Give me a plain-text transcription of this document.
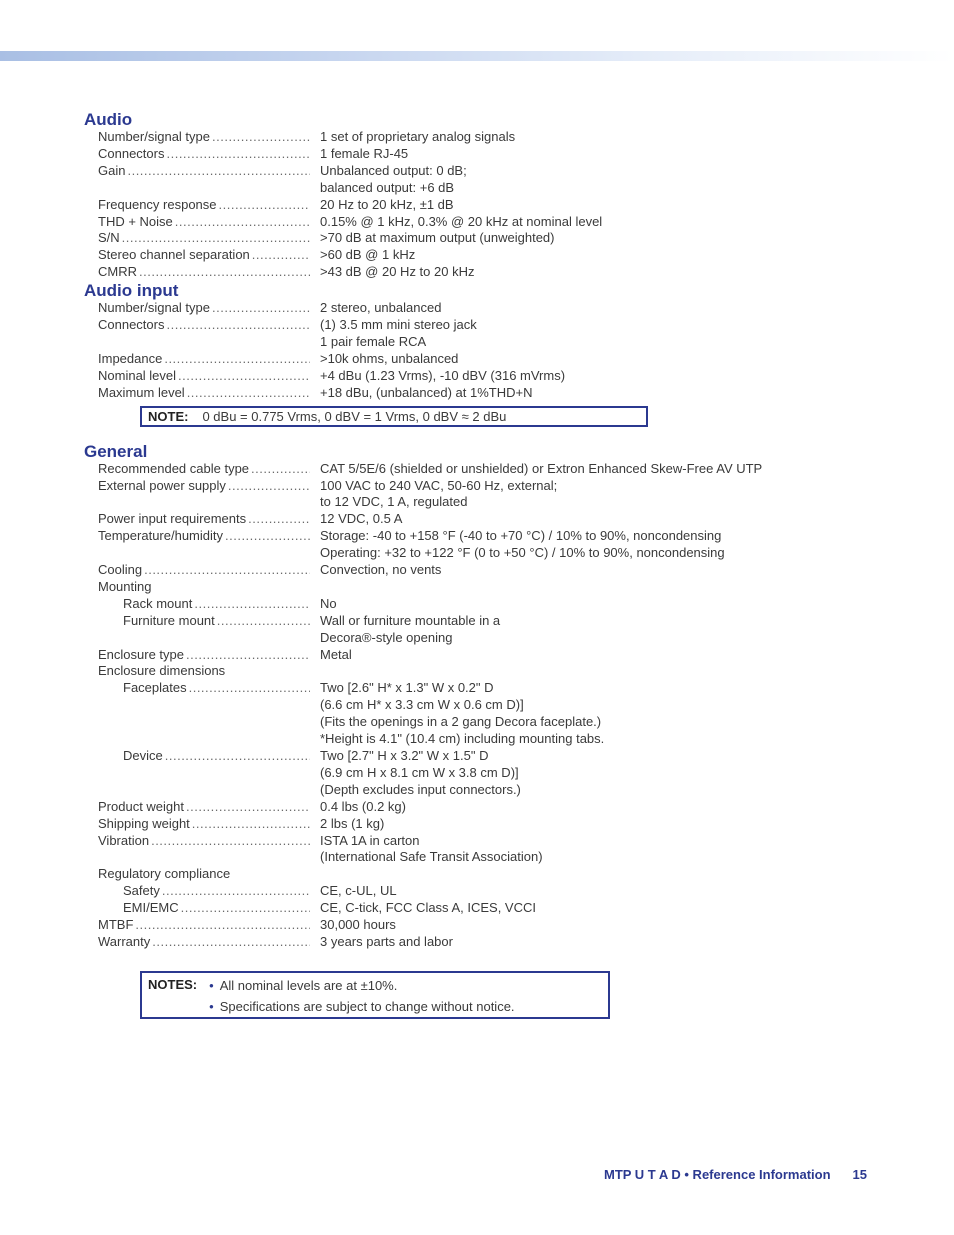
Audio
Number/signal type .....	1 set of proprietary analog signals
Connectors .....	1 female RJ-45
Gain .....	Unbalanced output: 0 dB;
balanced output: +6 dB
Frequency response .....	20 Hz to 20 kHz, ±1 dB
THD + Noise .....	0.15% @ 1 kHz, 0.3% @ 20 kHz at nominal level
S/N .....	>70 dB at maximum output (unweighted)
Stereo channel separation .....	>60 dB @ 1 kHz
CMRR .....	>43 dB @ 20 Hz to 20 kHz
Audio input
Number/signal type .....	2 stereo, unbalanced
Connectors .....	(1) 3.5 mm mini stereo jack
1 pair female RCA
Impedance .....	>10k ohms, unbalanced
Nominal level .....	+4 dBu (1.23 Vrms), -10 dBV (316 mVrms)
Maximum level .....	+18 dBu, (unbalanced) at 1%THD+N
NOTE: 0 dBu = 0.775 Vrms, 0 dBV = 1 Vrms, 0 dBV ≈ 2 dBu
General
Recommended cable type .....	CAT 5/5E/6 (shielded or unshielded) or Extron Enhanced Skew-Free AV UTP
External power supply .....	100 VAC to 240 VAC, 50-60 Hz, external;
to 12 VDC, 1 A, regulated
Power input requirements .....	12 VDC, 0.5 A
Temperature/humidity .....	Storage: -40 to +158 °F (-40 to +70 °C) / 10% to 90%, noncondensing
Operating: +32 to +122 °F (0 to +50 °C) / 10% to 90%, noncondensing
Cooling .....	Convection, no vents
Mounting
Rack mount .....	No
Furniture mount .....	Wall or furniture mountable in a
Decora®-style opening
Enclosure type .....	Metal
Enclosure dimensions
Faceplates .....	Two [2.6" H* x 1.3" W x 0.2" D
(6.6 cm H* x 3.3 cm W x 0.6 cm D)]
(Fits the openings in a 2 gang Decora faceplate.)
*Height is 4.1" (10.4 cm) including mounting tabs.
Device .....	Two [2.7" H x 3.2" W x 1.5" D
(6.9 cm H x 8.1 cm W x 3.8 cm D)]
(Depth excludes input connectors.)
Product weight .....	0.4 lbs (0.2 kg)
Shipping weight .....	2 lbs (1 kg)
Vibration .....	ISTA 1A in carton
(International Safe Transit Association)
Regulatory compliance
Safety .....	CE, c-UL, UL
EMI/EMC .....	CE, C-tick, FCC Class A, ICES, VCCI
MTBF .....	30,000 hours
Warranty .....	3 years parts and labor
NOTES: • All nominal levels are at ±10%.
• Specifications are subject to change without notice.
MTP U T A D • Reference Information 15
